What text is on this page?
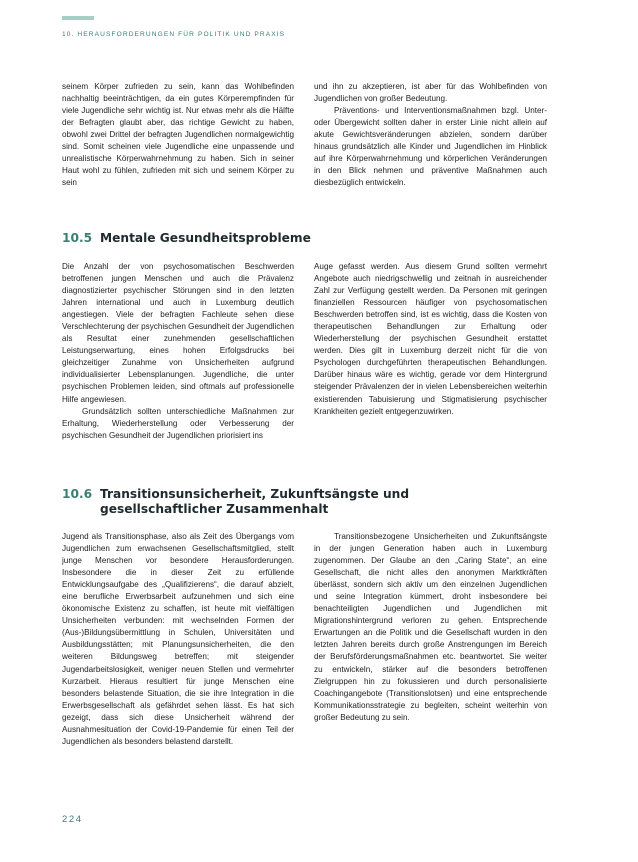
10. HERAUSFORDERUNGEN FÜR POLITIK UND PRAXIS

seinem Körper zufrieden zu sein, kann das Wohlbefinden nachhaltig beeinträchtigen, da ein gutes Körperempfinden für viele Jugendliche sehr wichtig ist. Nur etwas mehr als die Hälfte der Befragten glaubt aber, das richtige Gewicht zu haben, obwohl zwei Drittel der befragten Jugendlichen normalgewichtig sind. Somit scheinen viele Jugendliche eine unpassende und unrealistische Körperwahrnehmung zu haben. Sich in seiner Haut wohl zu fühlen, zufrieden mit sich und seinem Körper zu sein

und ihn zu akzeptieren, ist aber für das Wohlbefinden von Jugendlichen von großer Bedeutung.

Präventions- und Interventionsmaßnahmen bzgl. Unter- oder Übergewicht sollten daher in erster Linie nicht allein auf akute Gewichtsveränderungen abzielen, sondern darüber hinaus grundsätzlich alle Kinder und Jugendlichen im Hinblick auf ihre Körperwahrnehmung und körperlichen Veränderungen in den Blick nehmen und präventive Maßnahmen auch diesbezüglich entwickeln.

10.5 Mentale Gesundheitsprobleme

Die Anzahl der von psychosomatischen Beschwerden betroffenen jungen Menschen und auch die Prävalenz diagnostizierter psychischer Störungen sind in den letzten Jahren international und auch in Luxemburg deutlich angestiegen. Viele der befragten Fachleute sehen diese Verschlechterung der psychischen Gesundheit der Jugendlichen als Resultat einer zunehmenden gesellschaftlichen Leistungserwartung, eines hohen Erfolgsdrucks bei gleichzeitiger Zunahme von Unsicherheiten aufgrund individualisierter Lebensplanungen. Jugendliche, die unter psychischen Problemen leiden, sind oftmals auf professionelle Hilfe angewiesen.

Grundsätzlich sollten unterschiedliche Maßnahmen zur Erhaltung, Wiederherstellung oder Verbesserung der psychischen Gesundheit der Jugendlichen priorisiert ins

Auge gefasst werden. Aus diesem Grund sollten vermehrt Angebote auch niedrigschwellig und zeitnah in ausreichender Zahl zur Verfügung gestellt werden. Da Personen mit geringen finanziellen Ressourcen häufiger von psychosomatischen Beschwerden betroffen sind, ist es wichtig, dass die Kosten von therapeutischen Behandlungen zur Erhaltung oder Wiederherstellung der psychischen Gesundheit erstattet werden. Dies gilt in Luxemburg derzeit nicht für die von Psychologen durchgeführten therapeutischen Behandlungen. Darüber hinaus wäre es wichtig, gerade vor dem Hintergrund steigender Prävalenzen der in vielen Lebensbereichen weiterhin existierenden Tabuisierung und Stigmatisierung psychischer Krankheiten gezielt entgegenzuwirken.

10.6 Transitionsunsicherheit, Zukunftsängste und
gesellschaftlicher Zusammenhalt

Jugend als Transitionsphase, also als Zeit des Übergangs vom Jugendlichen zum erwachsenen Gesellschaftsmitglied, stellt junge Menschen vor besondere Herausforderungen. Insbesondere die in dieser Zeit zu erfüllende Entwicklungsaufgabe des „Qualifizierens“, die darauf abzielt, eine berufliche Erwerbsarbeit aufzunehmen und sich eine ökonomische Existenz zu schaffen, ist heute mit vielfältigen Unsicherheiten verbunden: mit wechselnden Formen der (Aus-)Bildungsübermittlung in Schulen, Universitäten und Ausbildungsstätten; mit Planungsunsicherheiten, die den weiteren Bildungsweg betreffen; mit steigender Jugendarbeitslosigkeit, weniger neuen Stellen und vermehrter Kurzarbeit. Hieraus resultiert für junge Menschen eine besonders belastende Situation, die sie ihre Integration in die Erwerbsgesellschaft als gefährdet sehen lässt. Es hat sich gezeigt, dass sich diese Unsicherheit während der Ausnahmesituation der Covid-19-Pandemie für einen Teil der Jugendlichen als besonders belastend darstellt.

Transitionsbezogene Unsicherheiten und Zukunftsängste in der jungen Generation haben auch in Luxemburg zugenommen. Der Glaube an den „Caring State“, an eine Gesellschaft, die nicht alles den anonymen Marktkräften überlässt, sondern sich aktiv um den einzelnen Jugendlichen und seine Integration kümmert, droht insbesondere bei benachteiligten Jugendlichen und Jugendlichen mit Migrationshintergrund verloren zu gehen. Entsprechende Erwartungen an die Politik und die Gesellschaft wurden in den letzten Jahren bereits durch große Anstrengungen im Bereich der Berufsförderungsmaßnahmen etc. beantwortet. Sie weiter zu entwickeln, stärker auf die besonders betroffenen Zielgruppen hin zu fokussieren und durch personalisierte Coachingangebote (Transitionslotsen) und eine entsprechende Kommunikationsstrategie zu begleiten, scheint weiterhin von großer Bedeutung zu sein.

224
